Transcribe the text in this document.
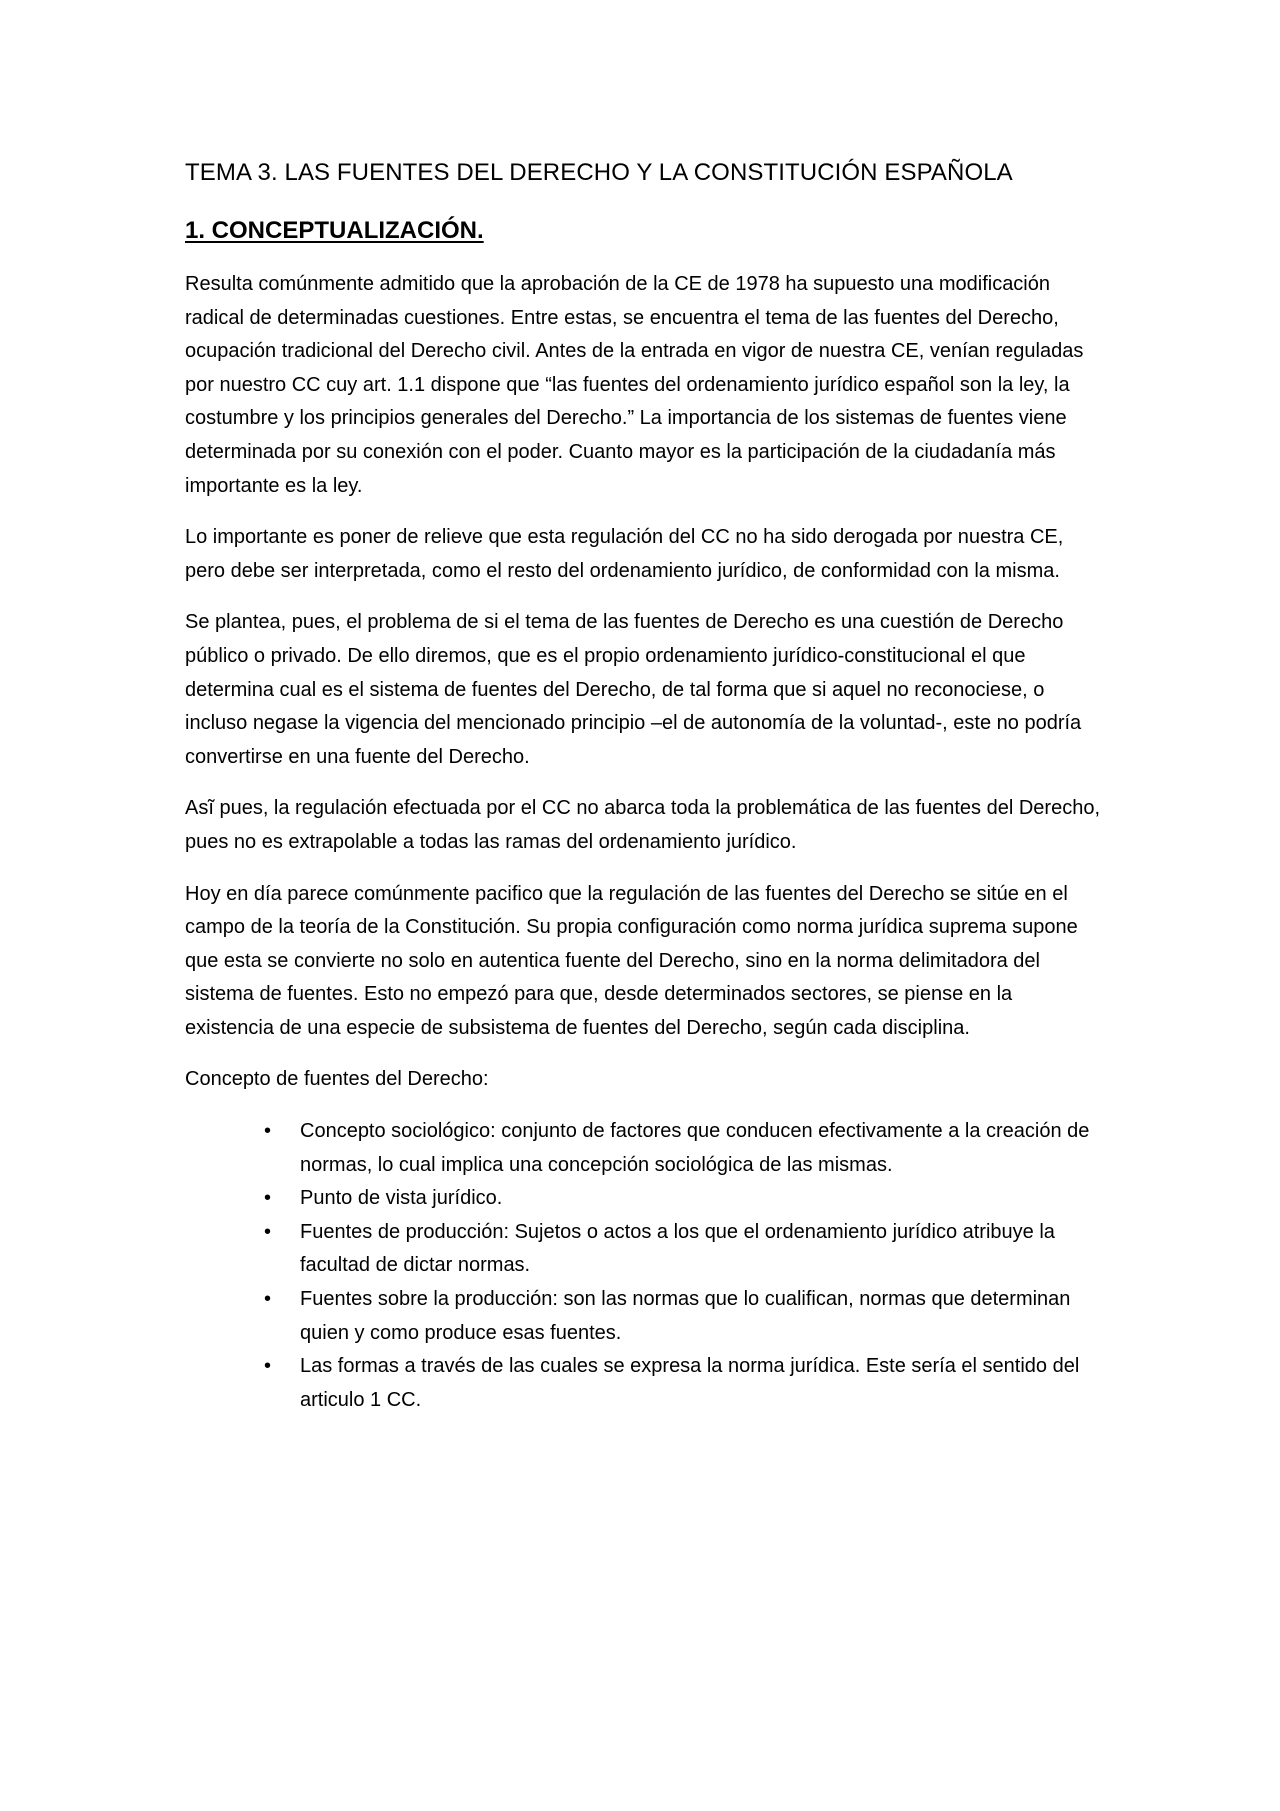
TEMA 3. LAS FUENTES DEL DERECHO Y LA CONSTITUCIÓN ESPAÑOLA
1. CONCEPTUALIZACIÓN.

Resulta comúnmente admitido que la aprobación de la CE de 1978 ha supuesto una modificación radical de determinadas cuestiones. Entre estas, se encuentra el tema de las fuentes del Derecho, ocupación tradicional del Derecho civil. Antes de la entrada en vigor de nuestra CE, venían reguladas por nuestro CC cuy art. 1.1 dispone que “las fuentes del ordenamiento jurídico español son la ley, la costumbre y los principios generales del Derecho.” La importancia de los sistemas de fuentes viene determinada por su conexión con el poder. Cuanto mayor es la participación de la ciudadanía más importante es la ley.

Lo importante es poner de relieve que esta regulación del CC no ha sido derogada por nuestra CE, pero debe ser interpretada, como el resto del ordenamiento jurídico, de conformidad con la misma.

Se plantea, pues, el problema de si el tema de las fuentes de Derecho es una cuestión de Derecho público o privado. De ello diremos, que es el propio ordenamiento jurídico-constitucional el que determina cual es el sistema de fuentes del Derecho, de tal forma que si aquel no reconociese, o incluso negase la vigencia del mencionado principio –el de autonomía de la voluntad-, este no podría convertirse en una fuente del Derecho.

Asĩ pues, la regulación efectuada por el CC no abarca toda la problemática de las fuentes del Derecho, pues no es extrapolable a todas las ramas del ordenamiento jurídico.

Hoy en día parece comúnmente pacifico que la regulación de las fuentes del Derecho se sitúe en el campo de la teoría de la Constitución. Su propia configuración como norma jurídica suprema supone que esta se convierte no solo en autentica fuente del Derecho, sino en la norma delimitadora del sistema de fuentes. Esto no empezó para que, desde determinados sectores, se piense en la existencia de una especie de subsistema de fuentes del Derecho, según cada disciplina.

Concepto de fuentes del Derecho:

• Concepto sociológico: conjunto de factores que conducen efectivamente a la creación de normas, lo cual implica una concepción sociológica de las mismas.
• Punto de vista jurídico.
• Fuentes de producción: Sujetos o actos a los que el ordenamiento jurídico atribuye la facultad de dictar normas.
• Fuentes sobre la producción: son las normas que lo cualifican, normas que determinan quien y como produce esas fuentes.
• Las formas a través de las cuales se expresa la norma jurídica. Este sería el sentido del articulo 1 CC.
